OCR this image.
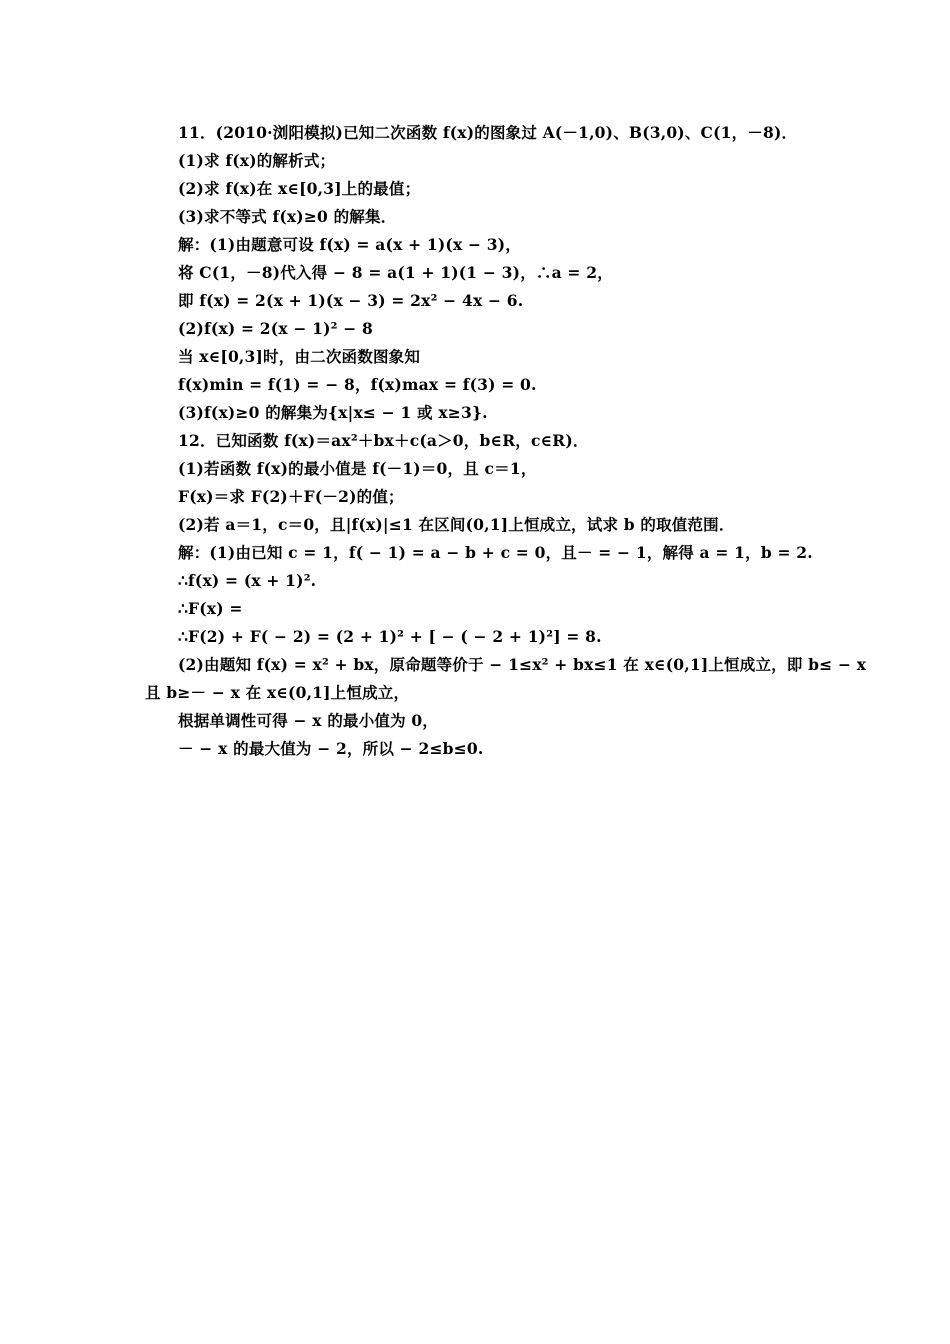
11．(2010·浏阳模拟)已知二次函数 f(x)的图象过 A(－1,0)、B(3,0)、C(1，－8)．
(1)求 f(x)的解析式；
(2)求 f(x)在 x∈[0,3]上的最值；
(3)求不等式 f(x)≥0 的解集．
解：(1)由题意可设 f(x) = a(x + 1)(x − 3)，
将 C(1，－8)代入得 − 8 = a(1 + 1)(1 − 3)，∴a = 2，
即 f(x) = 2(x + 1)(x − 3) = 2x² − 4x − 6.
(2)f(x) = 2(x − 1)² − 8
当 x∈[0,3]时，由二次函数图象知
f(x)min = f(1) = − 8，f(x)max = f(3) = 0.
(3)f(x)≥0 的解集为{x|x≤ − 1 或 x≥3}.
12．已知函数 f(x)＝ax²＋bx＋c(a＞0，b∈R，c∈R)．
(1)若函数 f(x)的最小值是 f(－1)＝0，且 c＝1，
F(x)＝求 F(2)＋F(－2)的值；
(2)若 a＝1，c＝0，且|f(x)|≤1 在区间(0,1]上恒成立，试求 b 的取值范围．
解：(1)由已知 c = 1，f( − 1) = a − b + c = 0，且－ = − 1，解得 a = 1，b = 2.
∴f(x) = (x + 1)².
∴F(x) =
∴F(2) + F( − 2) = (2 + 1)² + [ − ( − 2 + 1)²] = 8.
(2)由题知 f(x) = x² + bx，原命题等价于 − 1≤x² + bx≤1 在 x∈(0,1]上恒成立，即 b≤ − x
且 b≥－ − x 在 x∈(0,1]上恒成立，
根据单调性可得 − x 的最小值为 0，
－ − x 的最大值为 − 2，所以 − 2≤b≤0.
